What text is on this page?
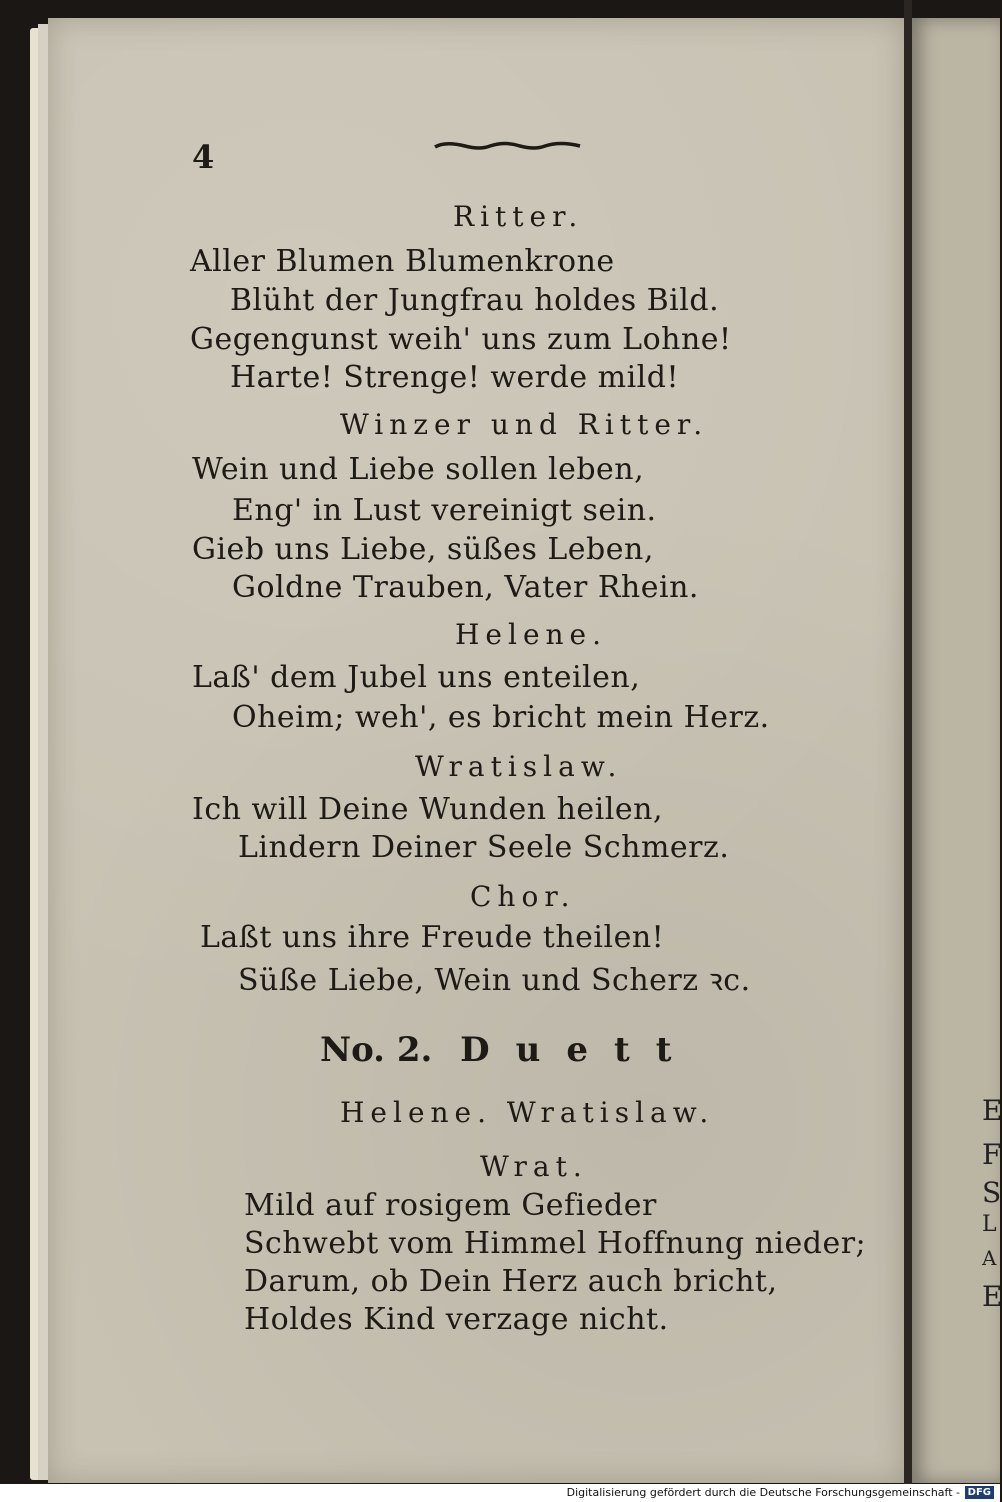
4
Ritter.
Aller Blumen Blumenkrone
Blüht der Jungfrau holdes Bild.
Gegengunst weih' uns zum Lohne!
Harte! Strenge! werde mild!
Winzer und Ritter.
Wein und Liebe sollen leben,
Eng' in Lust vereinigt sein.
Gieb uns Liebe, süßes Leben,
Goldne Trauben, Vater Rhein.
Helene.
Laß' dem Jubel uns enteilen,
Oheim; weh', es bricht mein Herz.
Wratislaw.
Ich will Deine Wunden heilen,
Lindern Deiner Seele Schmerz.
Chor.
Laßt uns ihre Freude theilen!
Süße Liebe, Wein und Scherz ꝛc.
No. 2. Duett
Helene. Wratislaw.
Wrat.
Mild auf rosigem Gefieder
Schwebt vom Himmel Hoffnung nieder;
Darum, ob Dein Herz auch bricht,
Holdes Kind verzage nicht.
E
F
S
L
A
E
Digitalisierung gefördert durch die Deutsche Forschungsgemeinschaft - DFG
